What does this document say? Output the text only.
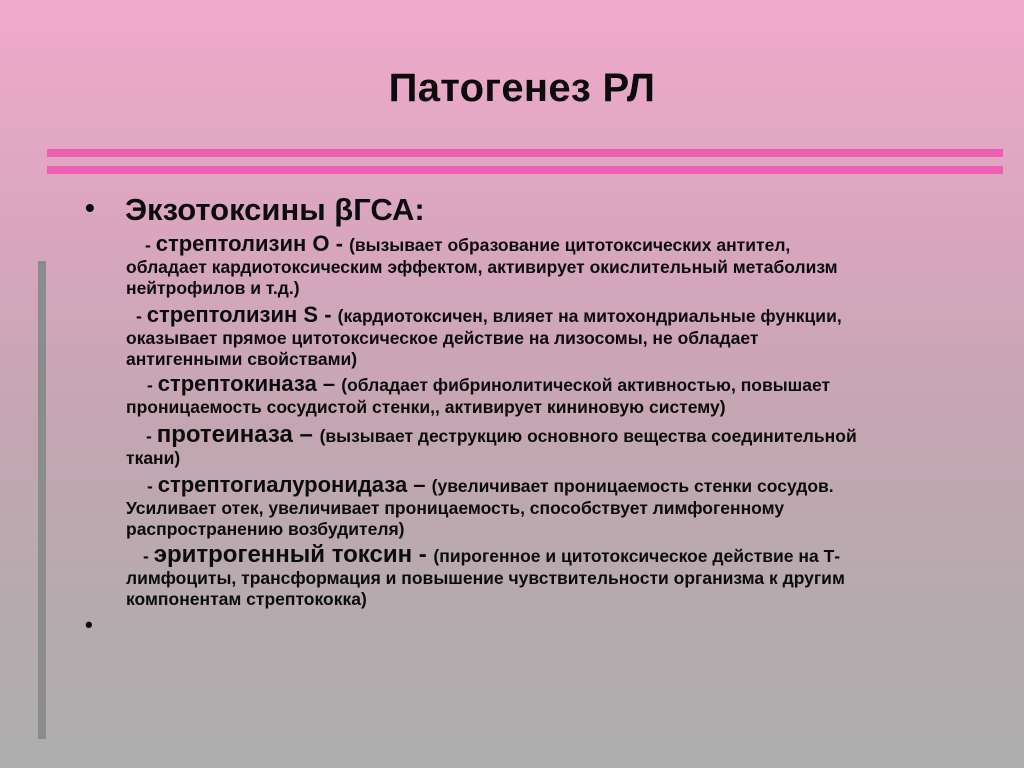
Патогенез РЛ
• Экзотоксины βГСА:
- стрептолизин О - (вызывает образование цитотоксических антител,
обладает кардиотоксическим эффектом, активирует окислительный метаболизм
нейтрофилов и т.д.)
- стрептолизин S - (кардиотоксичен, влияет на митохондриальные функции,
оказывает прямое цитотоксическое действие на лизосомы, не обладает
антигенными свойствами)
- стрептокиназа – (обладает фибринолитической активностью, повышает
проницаемость сосудистой стенки,, активирует кининовую систему)
- протеиназа – (вызывает деструкцию основного вещества соединительной
ткани)
- стрептогиалуронидаза – (увеличивает проницаемость стенки сосудов.
Усиливает отек, увеличивает проницаемость, способствует лимфогенному
распространению возбудителя)
- эритрогенный токсин - (пирогенное и цитотоксическое действие на Т-
лимфоциты, трансформация и повышение чувствительности организма к другим
компонентам стрептококка)
•
